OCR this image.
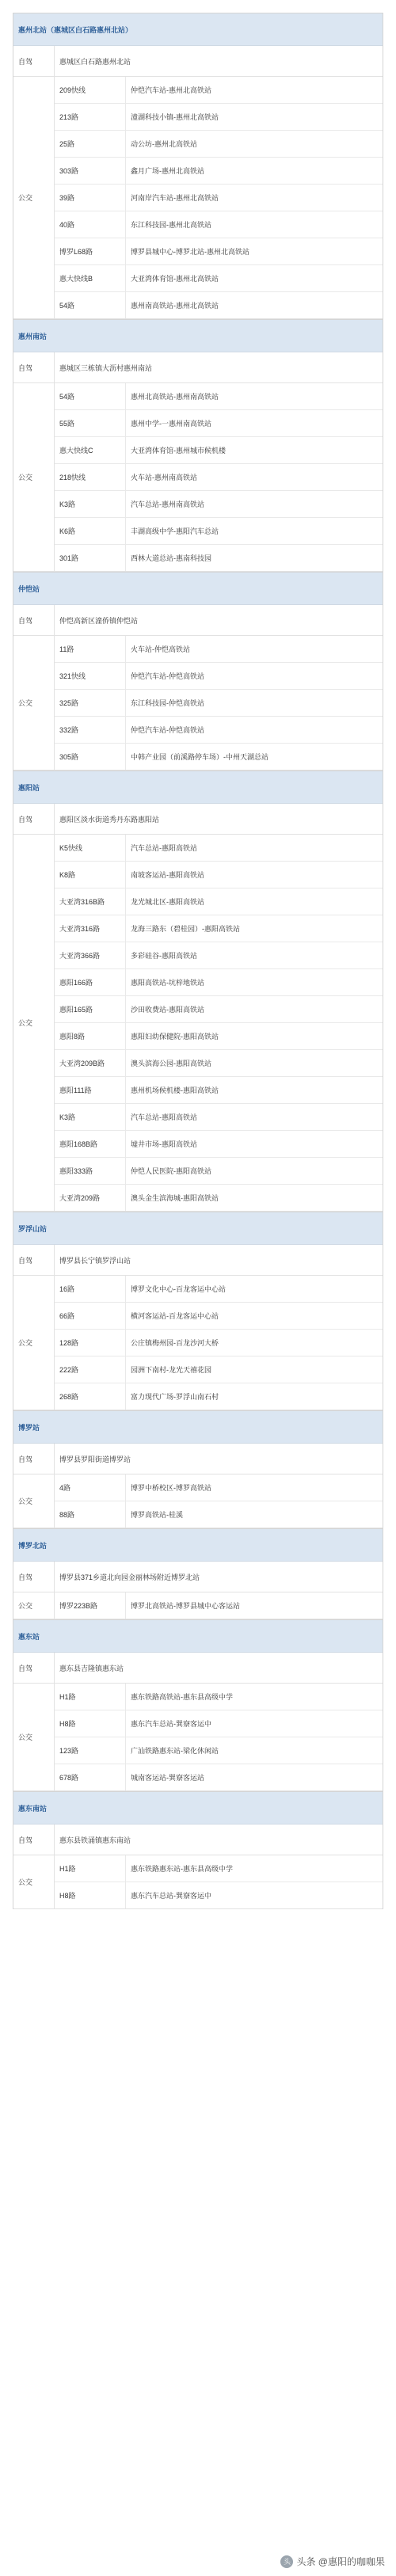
惠州北站（惠城区白石路惠州北站）
自驾	惠城区白石路惠州北站
公交
209快线	仲恺汽车站-惠州北高铁站
213路	潼湖科技小镇-惠州北高铁站
25路	动公坊-惠州北高铁站
303路	鑫月广场-惠州北高铁站
39路	河南岸汽车站-惠州北高铁站
40路	东江科技园-惠州北高铁站
博罗L68路	博罗县城中心-博罗北站-惠州北高铁站
惠大快线B	大亚湾体育馆-惠州北高铁站
54路	惠州南高铁站-惠州北高铁站
惠州南站
自驾	惠城区三栋镇大沥村惠州南站
公交
54路	惠州北高铁站-惠州南高铁站
55路	惠州中学-一惠州南高铁站
惠大快线C	大亚湾体育馆-惠州城市候机楼
218快线	火车站-惠州南高铁站
K3路	汽车总站-惠州南高铁站
K6路	丰湖高级中学-惠阳汽车总站
301路	西林大道总站-惠南科技园
仲恺站
自驾	仲恺高新区潼侨镇仲恺站
公交
11路	火车站-仲恺高铁站
321快线	仲恺汽车站-仲恺高铁站
325路	东江科技园-仲恺高铁站
332路	仲恺汽车站-仲恺高铁站
305路	中韩产业园（前溪路停车场）-中州天湖总站
惠阳站
自驾	惠阳区淡水街道秀丹东路惠阳站
公交
K5快线	汽车总站-惠阳高铁站
K8路	南坡客运站-惠阳高铁站
大亚湾316B路	龙光城北区-惠阳高铁站
大亚湾316路	龙海三路东（碧桂园）-惠阳高铁站
大亚湾366路	多彩硅谷-惠阳高铁站
惠阳166路	惠阳高铁站-坑梓地铁站
惠阳165路	沙田收费站-惠阳高铁站
惠阳8路	惠阳妇幼保健院-惠阳高铁站
大亚湾209B路	澳头滨海公园-惠阳高铁站
惠阳111路	惠州机场候机楼-惠阳高铁站
K3路	汽车总站-惠阳高铁站
惠阳168B路	墟井市场-惠阳高铁站
惠阳333路	仲恺人民医院-惠阳高铁站
大亚湾209路	澳头金生滨海城-惠阳高铁站
罗浮山站
自驾	博罗县长宁镇罗浮山站
公交
16路	博罗文化中心-百龙客运中心站
66路	横河客运站-百龙客运中心站
128路	公庄镇梅州园-百龙沙河大桥
222路	园洲下南村-龙光天禧花园
268路	富力现代广场-罗浮山南石村
博罗站
自驾	博罗县罗阳街道博罗站
公交
4路	博罗中桥校区-博罗高铁站
88路	博罗高铁站-桂溪
博罗北站
自驾	博罗县371乡道北向园金丽林场附近博罗北站
公交	博罗223B路	博罗北高铁站-博罗县城中心客运站
惠东站
自驾	惠东县吉隆镇惠东站
公交
H1路	惠东铁路高铁站-惠东县高级中学
H8路	惠东汽车总站-巽寮客运中
123路	广汕铁路惠东站-梁化休闲站
678路	城南客运站-巽寮客运站
惠东南站
自驾	惠东县铁涌镇惠东南站
公交
H1路	惠东铁路惠东站-惠东县高级中学
H8路	惠东汽车总站-巽寮客运中
头 头条 @惠阳的咖咖果
